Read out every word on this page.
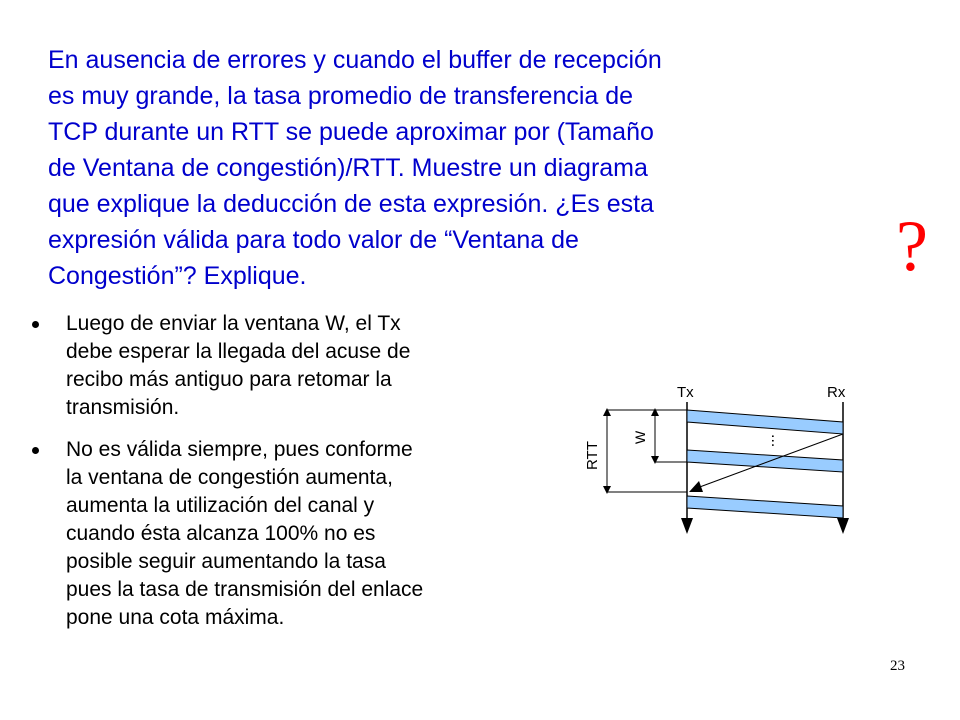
En ausencia de errores y cuando el buffer de recepción
es muy grande, la tasa promedio de transferencia de
TCP durante un RTT se puede aproximar por (Tamaño
de Ventana de congestión)/RTT. Muestre un diagrama
que explique la deducción de esta expresión. ¿Es esta
expresión válida para todo valor de “Ventana de
Congestión”? Explique.	?
Luego de enviar la ventana W, el Tx
debe esperar la llegada del acuse de
recibo más antiguo para retomar la
transmisión.
No es válida siempre, pues conforme
la ventana de congestión aumenta,
aumenta la utilización del canal y
cuando ésta alcanza 100% no es
posible seguir aumentando la tasa
pues la tasa de transmisión del enlace
pone una cota máxima.
Tx	Rx
...
RTT
W
23
